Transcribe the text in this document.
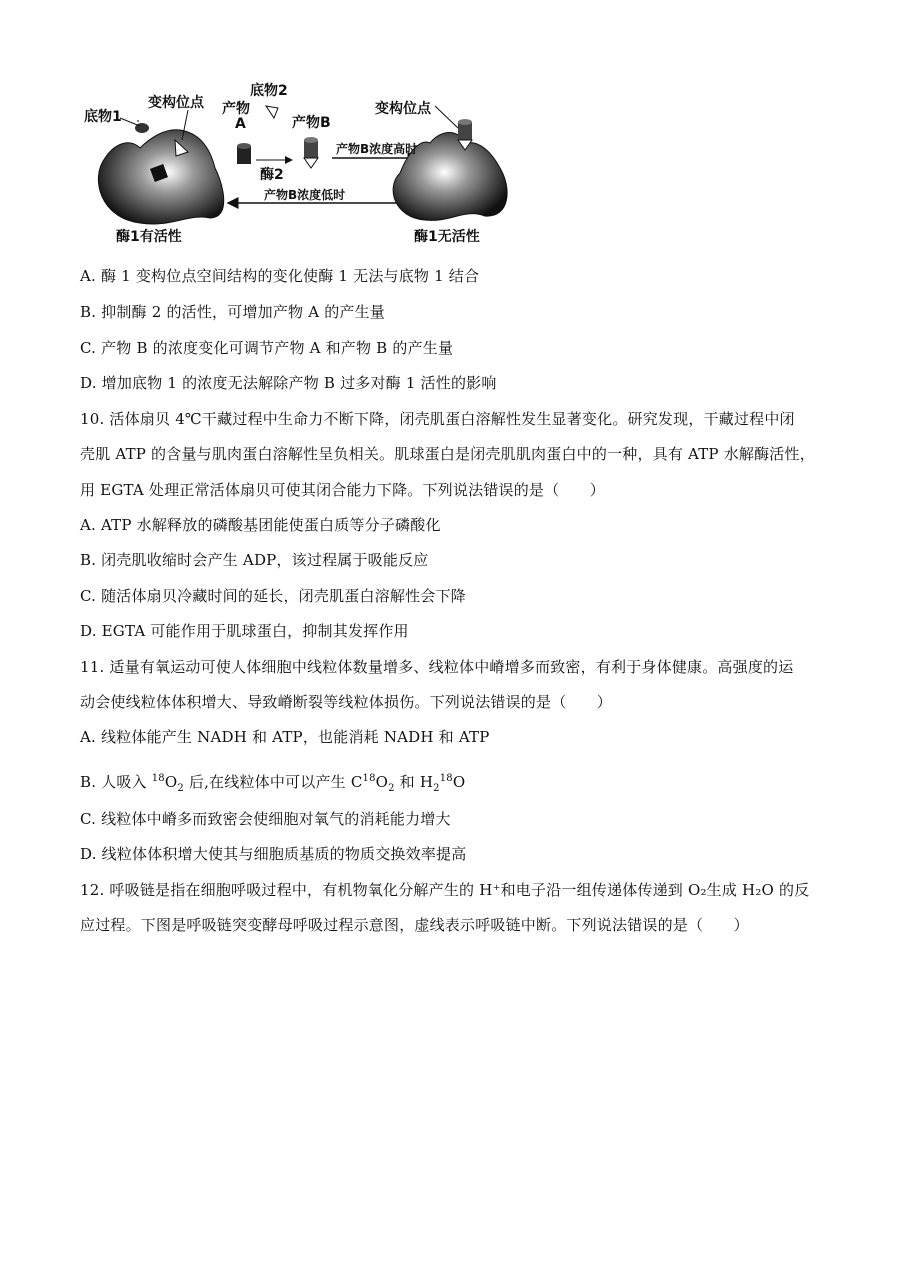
底物1
变构位点 产物
A
底物2
产物B
酶2
变构位点
产物B浓度高时
产物B浓度低时
酶1有活性	酶1无活性
A. 酶 1 变构位点空间结构的变化使酶 1 无法与底物 1 结合
B. 抑制酶 2 的活性，可增加产物 A 的产生量
C. 产物 B 的浓度变化可调节产物 A 和产物 B 的产生量
D. 增加底物 1 的浓度无法解除产物 B 过多对酶 1 活性的影响
10. 活体扇贝 4℃干藏过程中生命力不断下降，闭壳肌蛋白溶解性发生显著变化。研究发现，干藏过程中闭
壳肌 ATP 的含量与肌肉蛋白溶解性呈负相关。肌球蛋白是闭壳肌肌肉蛋白中的一种，具有 ATP 水解酶活性，
用 EGTA 处理正常活体扇贝可使其闭合能力下降。下列说法错误的是（　　）
A. ATP 水解释放的磷酸基团能使蛋白质等分子磷酸化
B. 闭壳肌收缩时会产生 ADP，该过程属于吸能反应
C. 随活体扇贝冷藏时间的延长，闭壳肌蛋白溶解性会下降
D. EGTA 可能作用于肌球蛋白，抑制其发挥作用
11. 适量有氧运动可使人体细胞中线粒体数量增多、线粒体中嵴增多而致密，有利于身体健康。高强度的运
动会使线粒体体积增大、导致嵴断裂等线粒体损伤。下列说法错误的是（　　）
A. 线粒体能产生 NADH 和 ATP，也能消耗 NADH 和 ATP
B. 人吸入 $^{18}O_2$ 后,在线粒体中可以产生 $C^{18}O_2$ 和 $H_2^{18}O$
C. 线粒体中嵴多而致密会使细胞对氧气的消耗能力增大
D. 线粒体体积增大使其与细胞质基质的物质交换效率提高
12. 呼吸链是指在细胞呼吸过程中，有机物氧化分解产生的 H⁺和电子沿一组传递体传递到 O₂生成 H₂O 的反
应过程。下图是呼吸链突变酵母呼吸过程示意图，虚线表示呼吸链中断。下列说法错误的是（　　）
